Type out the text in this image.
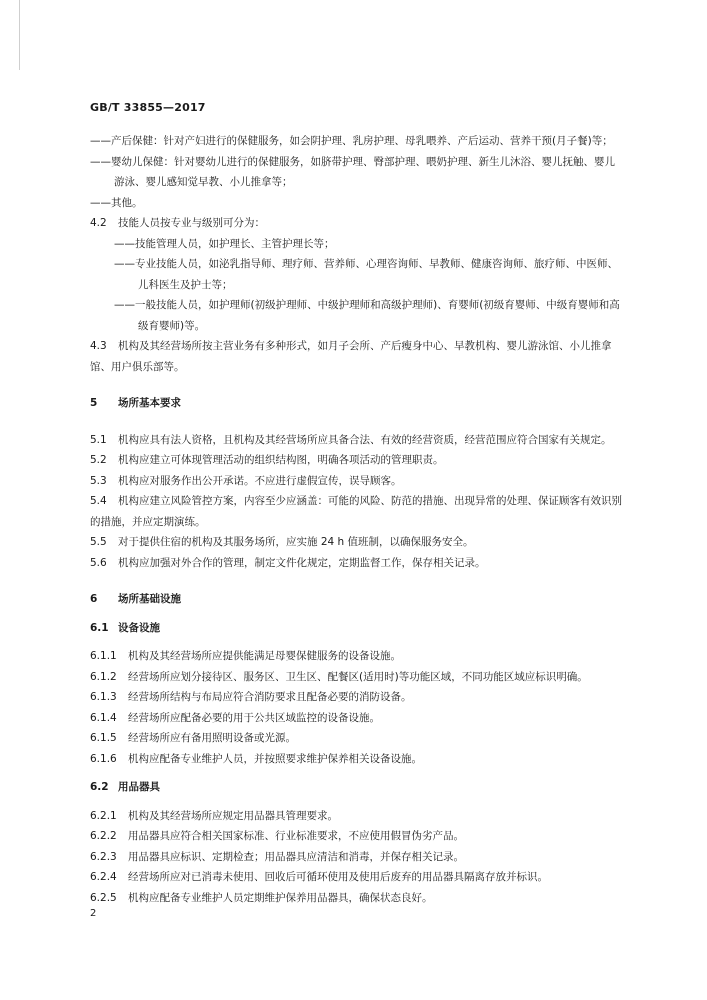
GB/T 33855—2017

——产后保健：针对产妇进行的保健服务，如会阴护理、乳房护理、母乳喂养、产后运动、营养干预(月子餐)等；

——婴幼儿保健：针对婴幼儿进行的保健服务，如脐带护理、臀部护理、喂奶护理、新生儿沐浴、婴儿抚触、婴儿游泳、婴儿感知觉早教、小儿推拿等；

——其他。

4.2 技能人员按专业与级别可分为：

——技能管理人员，如护理长、主管护理长等；

——专业技能人员，如泌乳指导师、理疗师、营养师、心理咨询师、早教师、健康咨询师、旅疗师、中医师、儿科医生及护士等；

——一般技能人员，如护理师(初级护理师、中级护理师和高级护理师)、育婴师(初级育婴师、中级育婴师和高级育婴师)等。

4.3 机构及其经营场所按主营业务有多种形式，如月子会所、产后瘦身中心、早教机构、婴儿游泳馆、小儿推拿馆、用户俱乐部等。

5 场所基本要求

5.1 机构应具有法人资格，且机构及其经营场所应具备合法、有效的经营资质，经营范围应符合国家有关规定。

5.2 机构应建立可体现管理活动的组织结构图，明确各项活动的管理职责。

5.3 机构应对服务作出公开承诺。不应进行虚假宣传，误导顾客。

5.4 机构应建立风险管控方案，内容至少应涵盖：可能的风险、防范的措施、出现异常的处理、保证顾客有效识别的措施，并应定期演练。

5.5 对于提供住宿的机构及其服务场所，应实施 24 h 值班制，以确保服务安全。

5.6 机构应加强对外合作的管理，制定文件化规定，定期监督工作，保存相关记录。

6 场所基础设施

6.1 设备设施

6.1.1 机构及其经营场所应提供能满足母婴保健服务的设备设施。

6.1.2 经营场所应划分接待区、服务区、卫生区、配餐区(适用时)等功能区域，不同功能区域应标识明确。

6.1.3 经营场所结构与布局应符合消防要求且配备必要的消防设备。

6.1.4 经营场所应配备必要的用于公共区域监控的设备设施。

6.1.5 经营场所应有备用照明设备或光源。

6.1.6 机构应配备专业维护人员，并按照要求维护保养相关设备设施。

6.2 用品器具

6.2.1 机构及其经营场所应规定用品器具管理要求。

6.2.2 用品器具应符合相关国家标准、行业标准要求，不应使用假冒伪劣产品。

6.2.3 用品器具应标识、定期检查；用品器具应清洁和消毒，并保存相关记录。

6.2.4 经营场所应对已消毒未使用、回收后可循环使用及使用后废弃的用品器具隔离存放并标识。

6.2.5 机构应配备专业维护人员定期维护保养用品器具，确保状态良好。

2
